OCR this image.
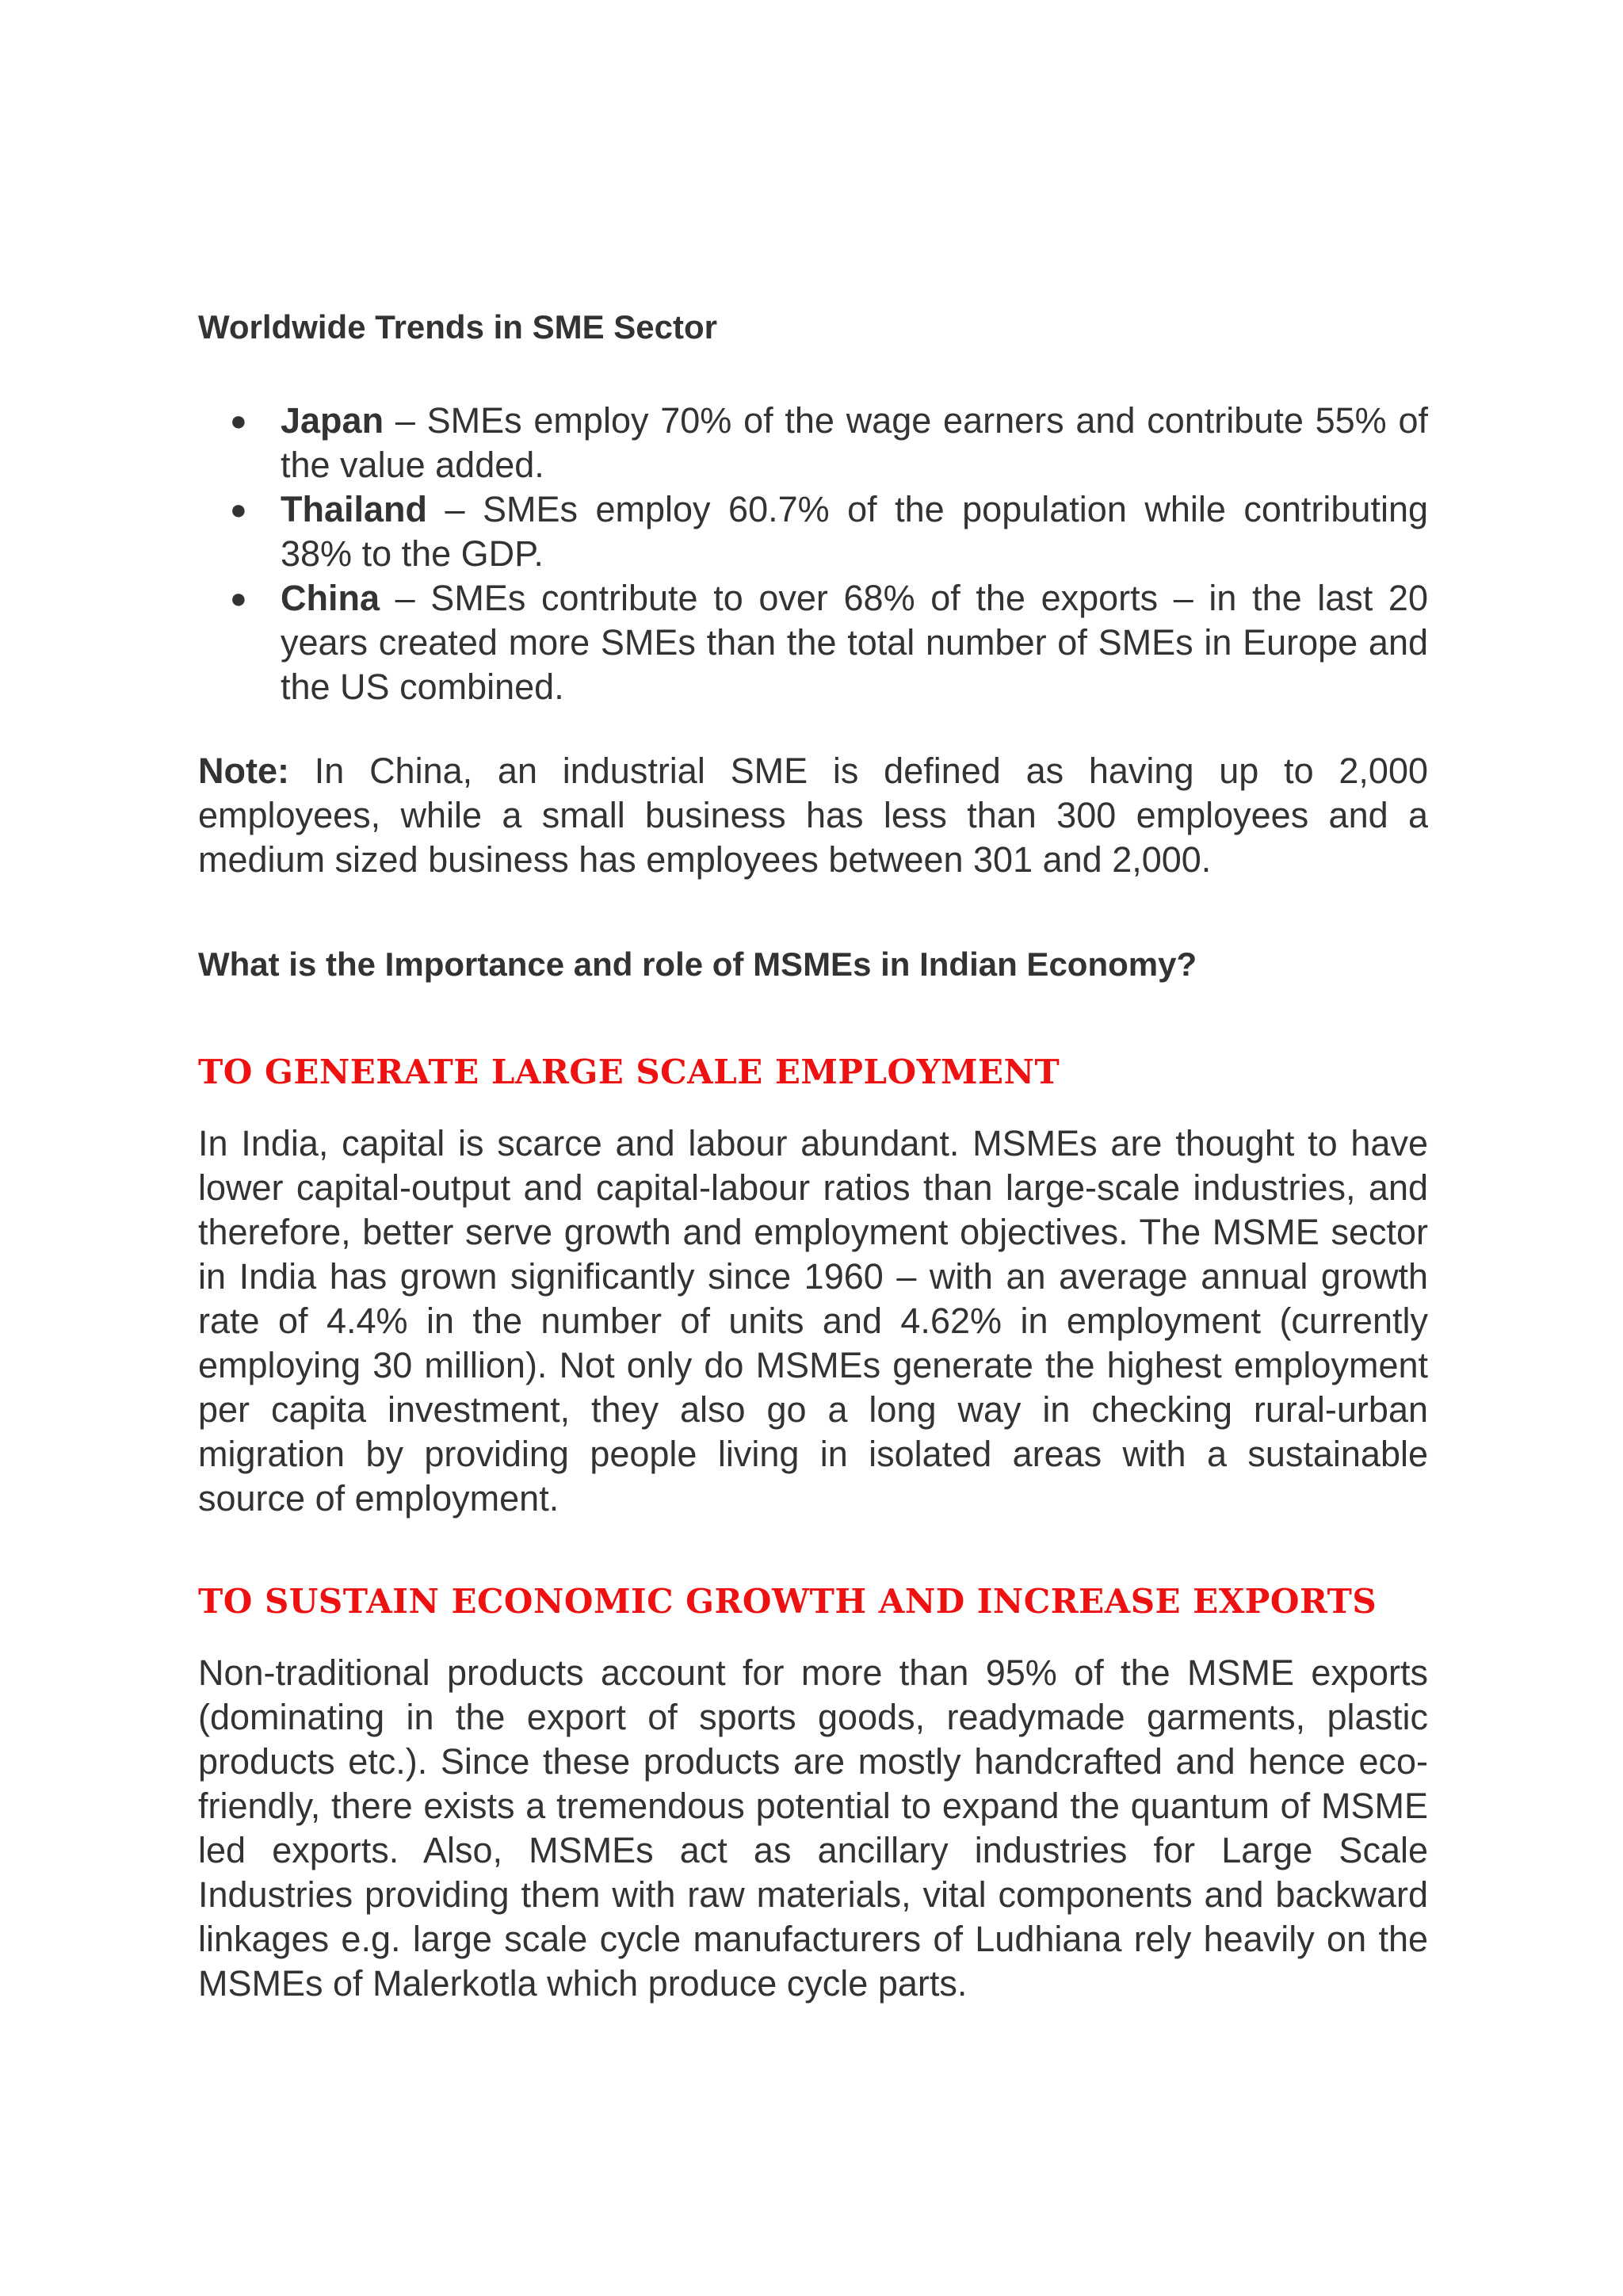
Worldwide Trends in SME Sector
● Japan – SMEs employ 70% of the wage earners and contribute 55% of the value added.
● Thailand – SMEs employ 60.7% of the population while contributing 38% to the GDP.
● China – SMEs contribute to over 68% of the exports – in the last 20 years created more SMEs than the total number of SMEs in Europe and the US combined.

Note: In China, an industrial SME is defined as having up to 2,000 employees, while a small business has less than 300 employees and a medium sized business has employees between 301 and 2,000.

What is the Importance and role of MSMEs in Indian Economy?
TO GENERATE LARGE SCALE EMPLOYMENT

In India, capital is scarce and labour abundant. MSMEs are thought to have lower capital-output and capital-labour ratios than large-scale industries, and therefore, better serve growth and employment objectives. The MSME sector in India has grown significantly since 1960 – with an average annual growth rate of 4.4% in the number of units and 4.62% in employment (currently employing 30 million). Not only do MSMEs generate the highest employment per capita investment, they also go a long way in checking rural-urban migration by providing people living in isolated areas with a sustainable source of employment.

TO SUSTAIN ECONOMIC GROWTH AND INCREASE EXPORTS

Non-traditional products account for more than 95% of the MSME exports (dominating in the export of sports goods, readymade garments, plastic products etc.). Since these products are mostly handcrafted and hence eco-friendly, there exists a tremendous potential to expand the quantum of MSME led exports. Also, MSMEs act as ancillary industries for Large Scale Industries providing them with raw materials, vital components and backward linkages e.g. large scale cycle manufacturers of Ludhiana rely heavily on the MSMEs of Malerkotla which produce cycle parts.
